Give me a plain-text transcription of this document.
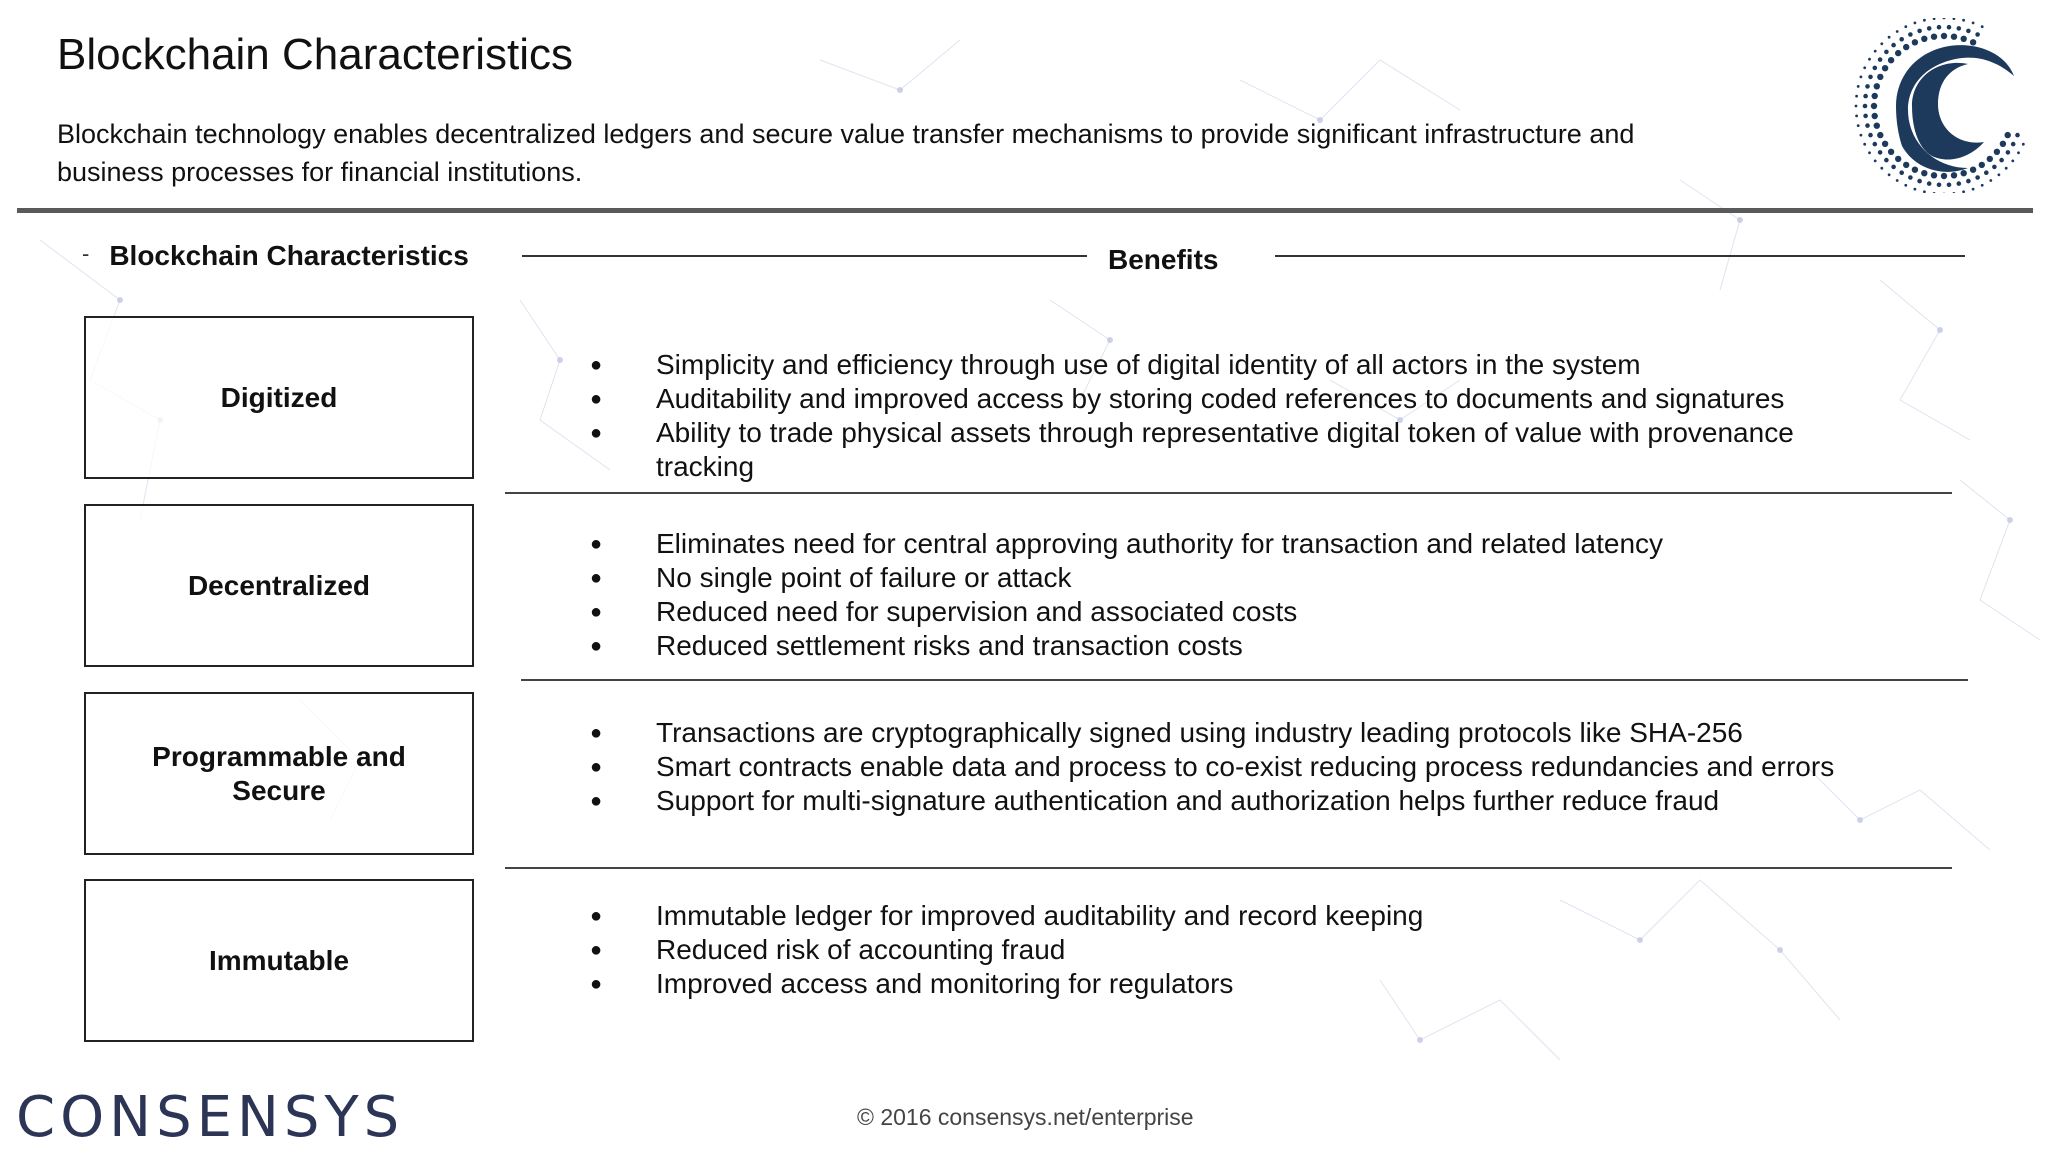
Blockchain Characteristics
Blockchain technology enables decentralized ledgers and secure value transfer mechanisms to provide significant infrastructure and business processes for financial institutions.
- Blockchain Characteristics	Benefits
Digitized
● Simplicity and efficiency through use of digital identity of all actors in the system
● Auditability and improved access by storing coded references to documents and signatures
● Ability to trade physical assets through representative digital token of value with provenance
tracking
Decentralized
● Eliminates need for central approving authority for transaction and related latency
● No single point of failure or attack
● Reduced need for supervision and associated costs
● Reduced settlement risks and transaction costs
Programmable and Secure
● Transactions are cryptographically signed using industry leading protocols like SHA-256
● Smart contracts enable data and process to co-exist reducing process redundancies and errors
● Support for multi-signature authentication and authorization helps further reduce fraud
Immutable
● Immutable ledger for improved auditability and record keeping
● Reduced risk of accounting fraud
● Improved access and monitoring for regulators
CONSENSYS	© 2016 consensys.net/enterprise
